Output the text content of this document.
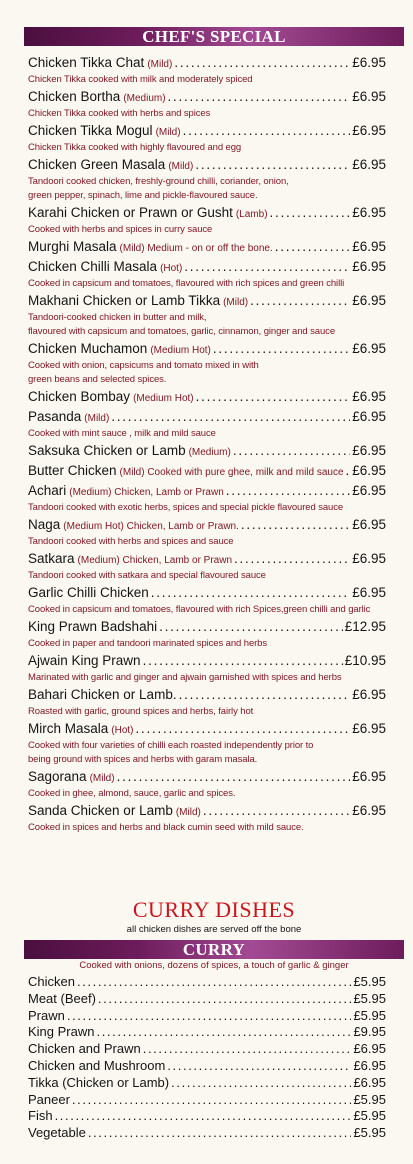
CHEF'S SPECIAL
Chicken Tikka Chat (Mild) . . .	£6.95
Chicken Tikka cooked with milk and moderately spiced
Chicken Bortha (Medium) . . .	£6.95
Chicken Tikka cooked with herbs and spices
Chicken Tikka Mogul (Mild) . . .	£6.95
Chicken Tikka cooked with highly flavoured and egg
Chicken Green Masala (Mild) . . .	£6.95
Tandoori cooked chicken, freshly-ground chilli, coriander, onion,
green pepper, spinach, lime and pickle-flavoured sauce.
Karahi Chicken or Prawn or Gusht (Lamb) . . .	£6.95
Cooked with herbs and spices in curry sauce
Murghi Masala (Mild) Medium - on or off the bone. . . .	£6.95
Chicken Chilli Masala (Hot) . . .	£6.95
Cooked in capsicum and tomatoes, flavoured with rich spices and green chilli
Makhani Chicken or Lamb Tikka (Mild) . . .	£6.95
Tandoori-cooked chicken in butter and milk,
flavoured with capsicum and tomatoes, garlic, cinnamon, ginger and sauce
Chicken Muchamon (Medium Hot) . . .	£6.95
Cooked with onion, capsicums and tomato mixed in with
green beans and selected spices.
Chicken Bombay (Medium Hot) . . .	£6.95
Pasanda (Mild) . . .	£6.95
Cooked with mint sauce , milk and mild sauce
Saksuka Chicken or Lamb (Medium) . . .	£6.95
Butter Chicken (Mild) Cooked with pure ghee, milk and mild sauce . . . £6.95
Achari (Medium) Chicken, Lamb or Prawn . . .	£6.95
Tandoori cooked with exotic herbs, spices and special pickle flavoured sauce
Naga (Medium Hot) Chicken, Lamb or Prawn. . . .	£6.95
Tandoori cooked with herbs and spices and sauce
Satkara (Medium) Chicken, Lamb or Prawn . . .	£6.95
Tandoori cooked with satkara and special flavoured sauce
Garlic Chilli Chicken . . .	£6.95
Cooked in capsicum and tomatoes, flavoured with rich Spices,green chilli and garlic
King Prawn Badshahi . . .	£12.95
Cooked in paper and tandoori marinated spices and herbs
Ajwain King Prawn . . .	£10.95
Marinated with garlic and ginger and ajwain garnished with spices and herbs
Bahari Chicken or Lamb. . . .	£6.95
Roasted with garlic, ground spices and herbs, fairly hot
Mirch Masala (Hot) . . .	£6.95
Cooked with four varieties of chilli each roasted independently prior to
being ground with spices and herbs with garam masala.
Sagorana (Mild) . . .	£6.95
Cooked in ghee, almond, sauce, garlic and spices.
Sanda Chicken or Lamb (Mild) . . .	£6.95
Cooked in spices and herbs and black cumin seed with mild sauce.
CURRY DISHES
all chicken dishes are served off the bone
CURRY
Cooked with onions, dozens of spices, a touch of garlic & ginger
Chicken . . .	£5.95
Meat (Beef) . . .	£5.95
Prawn . . .	£5.95
King Prawn . . .	£9.95
Chicken and Prawn . . .	£6.95
Chicken and Mushroom . . .	£6.95
Tikka (Chicken or Lamb) . . .	£6.95
Paneer . . .	£5.95
Fish . . .	£5.95
Vegetable . . .	£5.95
